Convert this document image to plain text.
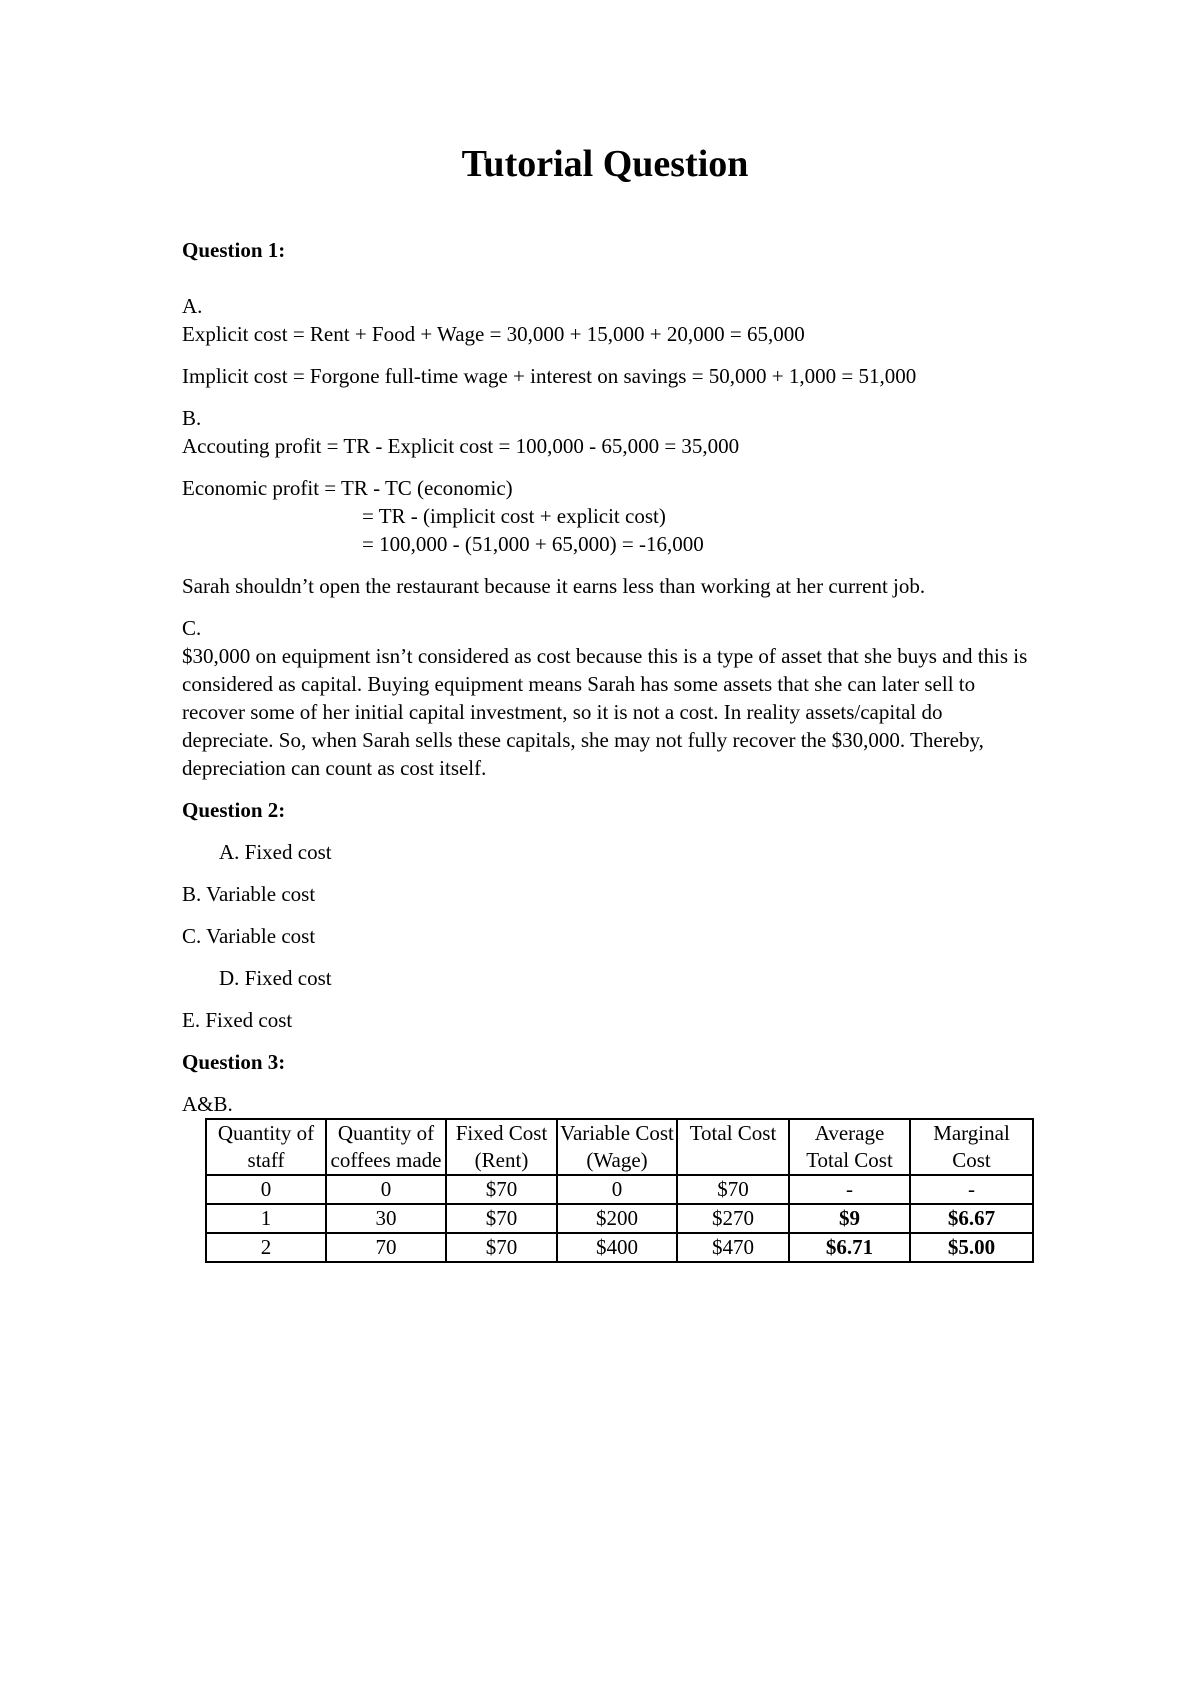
Tutorial Question

Question 1:

A.

Explicit cost = Rent + Food + Wage = 30,000 + 15,000 + 20,000 = 65,000

Implicit cost = Forgone full-time wage + interest on savings = 50,000 + 1,000 = 51,000

B.

Accouting profit = TR - Explicit cost = 100,000 - 65,000 = 35,000

Economic profit = TR - TC (economic)

= TR - (implicit cost + explicit cost)

= 100,000 - (51,000 + 65,000) = -16,000

Sarah shouldn’t open the restaurant because it earns less than working at her current job.

C.

$30,000 on equipment isn’t considered as cost because this is a type of asset that she buys and this is considered as capital. Buying equipment means Sarah has some assets that she can later sell to recover some of her initial capital investment, so it is not a cost. In reality assets/capital do depreciate. So, when Sarah sells these capitals, she may not fully recover the $30,000. Thereby, depreciation can count as cost itself.

Question 2:

A. Fixed cost

B. Variable cost

C. Variable cost

D. Fixed cost

E. Fixed cost

Question 3:

A&B.

Quantity of staff	Quantity of coffees made	Fixed Cost (Rent)	Variable Cost (Wage)	Total Cost	Average Total Cost	Marginal Cost
0	0	$70	0	$70	-	-
1	30	$70	$200	$270	$9	$6.67
2	70	$70	$400	$470	$6.71	$5.00
